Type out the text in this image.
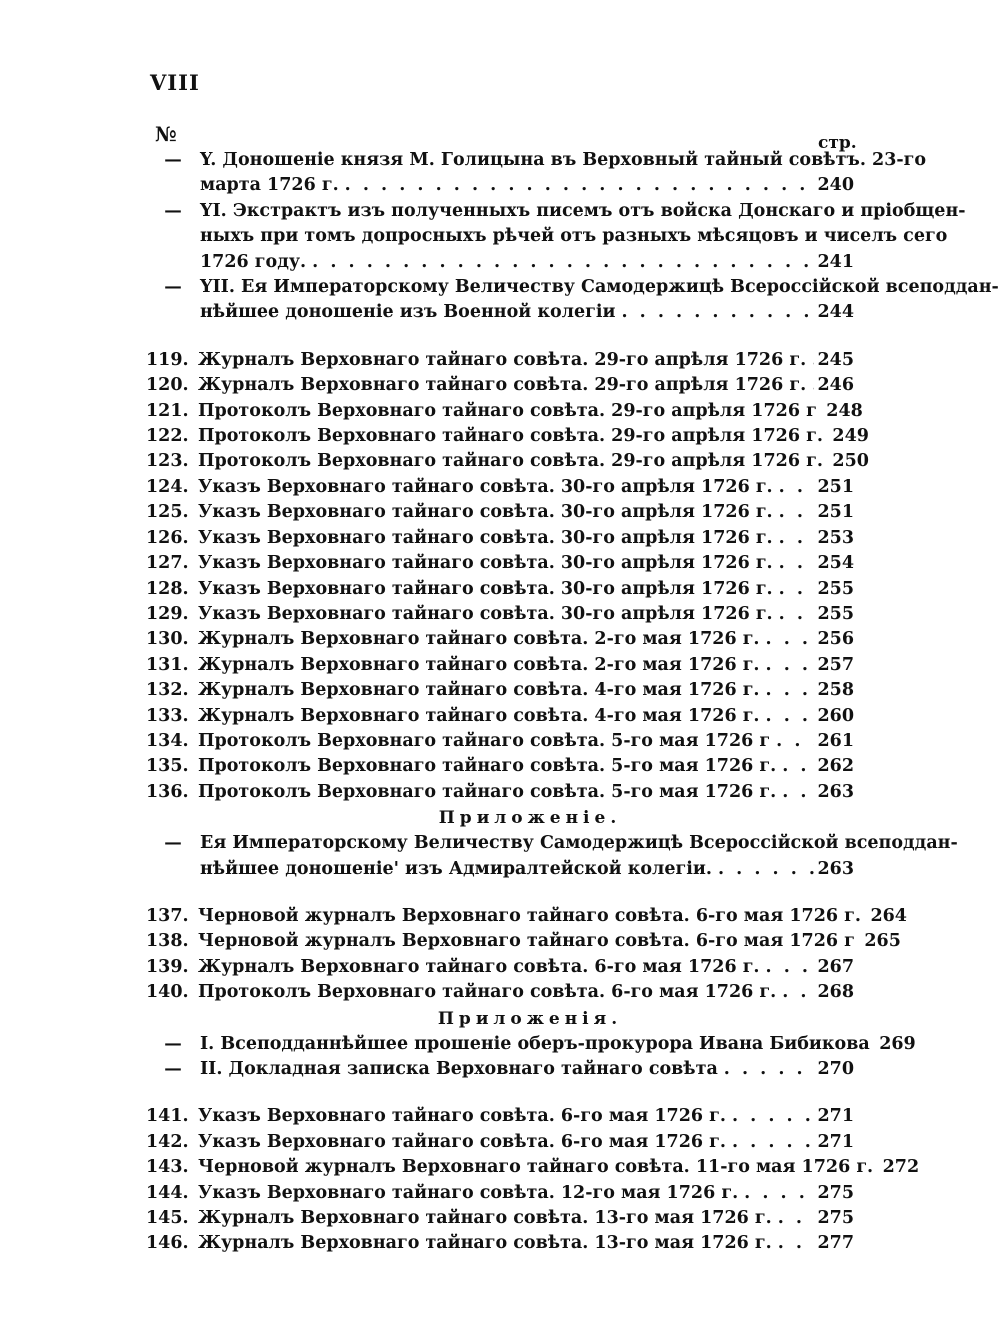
VIII
№	стр.
—	Y. Доношеніе князя М. Голицына въ Верховный тайный совѣтъ. 23-го
марта 1726 г. . . .	240
—	YI. Экстрактъ изъ полученныхъ писемъ отъ войска Донскаго и пріобщен-
ныхъ при томъ допросныхъ рѣчей отъ разныхъ мѣсяцовъ и чиселъ сего
1726 году. . . .	241
—	YII. Ея Императорскому Величеству Самодержицѣ Всероссійской всеподдан-
нѣйшее доношеніе изъ Военной колегіи . . .	244
119. Журналъ Верховнаго тайнаго совѣта. 29-го апрѣля 1726 г. . . . 245
120. Журналъ Верховнаго тайнаго совѣта. 29-го апрѣля 1726 г. . . . 246
121. Протоколъ Верховнаго тайнаго совѣта. 29-го апрѣля 1726 г . . . 248
122. Протоколъ Верховнаго тайнаго совѣта. 29-го апрѣля 1726 г. . . . 249
123. Протоколъ Верховнаго тайнаго совѣта. 29-го апрѣля 1726 г. . . . 250
124. Указъ Верховнаго тайнаго совѣта. 30-го апрѣля 1726 г. . . .	251
125. Указъ Верховнаго тайнаго совѣта. 30-го апрѣля 1726 г. . . .	251
126. Указъ Верховнаго тайнаго совѣта. 30-го апрѣля 1726 г. . . .	253
127. Указъ Верховнаго тайнаго совѣта. 30-го апрѣля 1726 г. . . .	254
128. Указъ Верховнаго тайнаго совѣта. 30-го апрѣля 1726 г. . . .	255
129. Указъ Верховнаго тайнаго совѣта. 30-го апрѣля 1726 г. . . .	255
130. Журналъ Верховнаго тайнаго совѣта. 2-го мая 1726 г. . . .	256
131. Журналъ Верховнаго тайнаго совѣта. 2-го мая 1726 г. . . .	257
132. Журналъ Верховнаго тайнаго совѣта. 4-го мая 1726 г. . . .	258
133. Журналъ Верховнаго тайнаго совѣта. 4-го мая 1726 г. . . .	260
134. Протоколъ Верховнаго тайнаго совѣта. 5-го мая 1726 г . . .	261
135. Протоколъ Верховнаго тайнаго совѣта. 5-го мая 1726 г. . . . 262
136. Протоколъ Верховнаго тайнаго совѣта. 5-го мая 1726 г. . . . 263
Приложеніе.
—	Ея Императорскому Величеству Самодержицѣ Всероссійской всеподдан-
нѣйшее доношеніе' изъ Адмиралтейской колегіи. . . .	263
137. Черновой журналъ Верховнаго тайнаго совѣта. 6-го мая 1726 г. . . . 264
138. Черновой журналъ Верховнаго тайнаго совѣта. 6-го мая 1726 г . . . 265
139. Журналъ Верховнаго тайнаго совѣта. 6-го мая 1726 г. . . .	267
140. Протоколъ Верховнаго тайнаго совѣта. 6-го мая 1726 г. . . . 268
Приложенія.
—	I. Всеподданнѣйшее прошеніе оберъ-прокурора Ивана Бибикова . . . 269
—	II. Докладная записка Верховнаго тайнаго совѣта . . .	270
141. Указъ Верховнаго тайнаго совѣта. 6-го мая 1726 г. . . .	271
142. Указъ Верховнаго тайнаго совѣта. 6-го мая 1726 г. . . .	271
143. Черновой журналъ Верховнаго тайнаго совѣта. 11-го мая 1726 г. . . . 272
144. Указъ Верховнаго тайнаго совѣта. 12-го мая 1726 г. . . .	275
145. Журналъ Верховнаго тайнаго совѣта. 13-го мая 1726 г. . . .	275
146. Журналъ Верховнаго тайнаго совѣта. 13-го мая 1726 г. . . .	277
